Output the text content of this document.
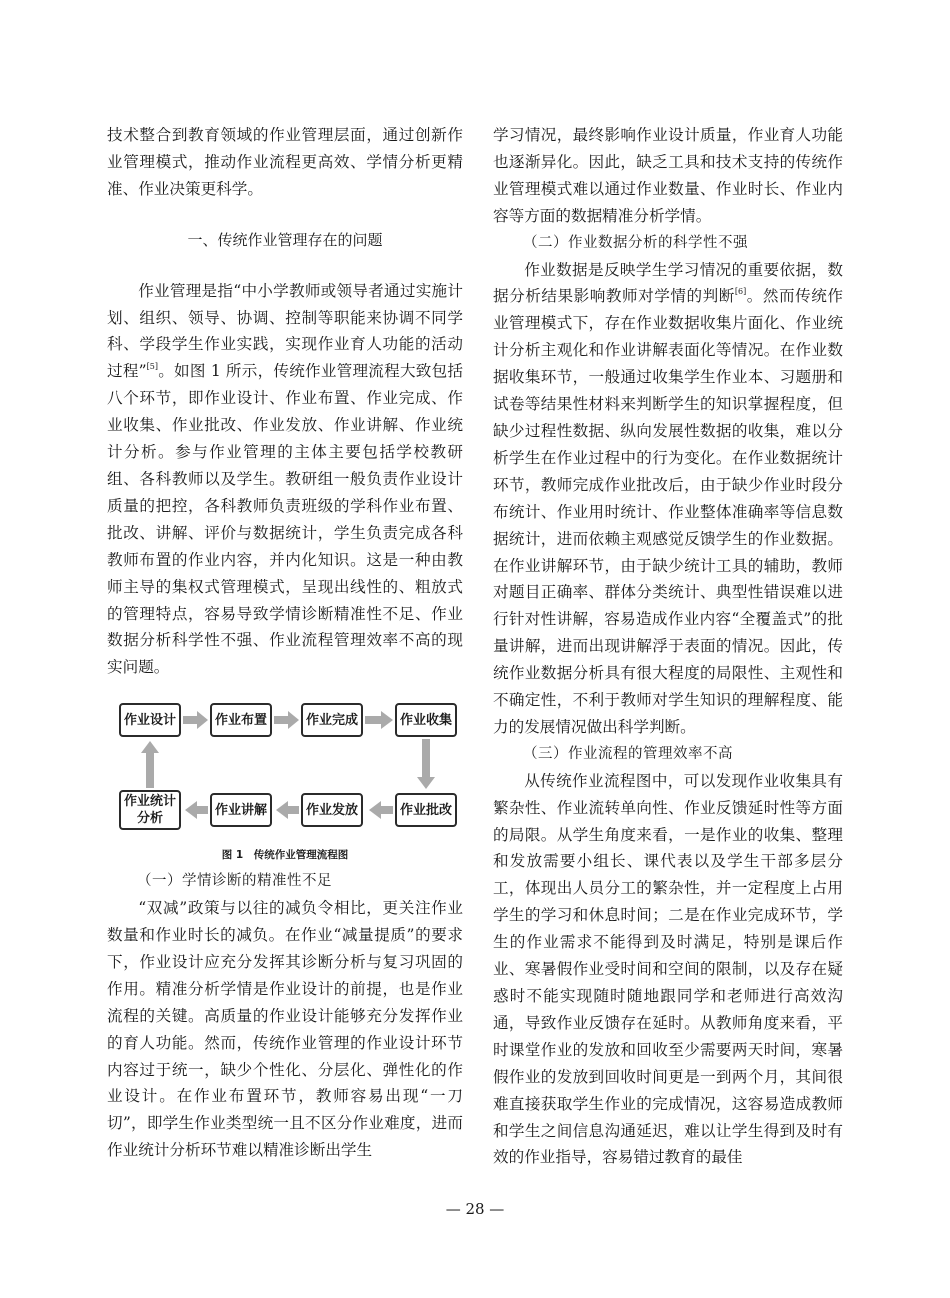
技术整合到教育领域的作业管理层面，通过创新作业管理模式，推动作业流程更高效、学情分析更精准、作业决策更科学。

一、传统作业管理存在的问题

作业管理是指“中小学教师或领导者通过实施计划、组织、领导、协调、控制等职能来协调不同学科、学段学生作业实践，实现作业育人功能的活动过程”[5]。如图 1 所示，传统作业管理流程大致包括八个环节，即作业设计、作业布置、作业完成、作业收集、作业批改、作业发放、作业讲解、作业统计分析。参与作业管理的主体主要包括学校教研组、各科教师以及学生。教研组一般负责作业设计质量的把控，各科教师负责班级的学科作业布置、批改、讲解、评价与数据统计，学生负责完成各科教师布置的作业内容，并内化知识。这是一种由教师主导的集权式管理模式，呈现出线性的、粗放式的管理特点，容易导致学情诊断精准性不足、作业数据分析科学性不强、作业流程管理效率不高的现实问题。

作业设计	作业布置	作业完成	作业收集
作业批改
作业发放
作业讲解
作业统计分析

图 1　传统作业管理流程图

（一）学情诊断的精准性不足

“双减”政策与以往的减负令相比，更关注作业数量和作业时长的减负。在作业“减量提质”的要求下，作业设计应充分发挥其诊断分析与复习巩固的作用。精准分析学情是作业设计的前提，也是作业流程的关键。高质量的作业设计能够充分发挥作业的育人功能。然而，传统作业管理的作业设计环节内容过于统一，缺少个性化、分层化、弹性化的作业设计。在作业布置环节，教师容易出现“一刀切”，即学生作业类型统一且不区分作业难度，进而作业统计分析环节难以精准诊断出学生

学习情况，最终影响作业设计质量，作业育人功能也逐渐异化。因此，缺乏工具和技术支持的传统作业管理模式难以通过作业数量、作业时长、作业内容等方面的数据精准分析学情。

（二）作业数据分析的科学性不强

作业数据是反映学生学习情况的重要依据，数据分析结果影响教师对学情的判断[6]。然而传统作业管理模式下，存在作业数据收集片面化、作业统计分析主观化和作业讲解表面化等情况。在作业数据收集环节，一般通过收集学生作业本、习题册和试卷等结果性材料来判断学生的知识掌握程度，但缺少过程性数据、纵向发展性数据的收集，难以分析学生在作业过程中的行为变化。在作业数据统计环节，教师完成作业批改后，由于缺少作业时段分布统计、作业用时统计、作业整体准确率等信息数据统计，进而依赖主观感觉反馈学生的作业数据。在作业讲解环节，由于缺少统计工具的辅助，教师对题目正确率、群体分类统计、典型性错误难以进行针对性讲解，容易造成作业内容“全覆盖式”的批量讲解，进而出现讲解浮于表面的情况。因此，传统作业数据分析具有很大程度的局限性、主观性和不确定性，不利于教师对学生知识的理解程度、能力的发展情况做出科学判断。

（三）作业流程的管理效率不高

从传统作业流程图中，可以发现作业收集具有繁杂性、作业流转单向性、作业反馈延时性等方面的局限。从学生角度来看，一是作业的收集、整理和发放需要小组长、课代表以及学生干部多层分工，体现出人员分工的繁杂性，并一定程度上占用学生的学习和休息时间；二是在作业完成环节，学生的作业需求不能得到及时满足，特别是课后作业、寒暑假作业受时间和空间的限制，以及存在疑惑时不能实现随时随地跟同学和老师进行高效沟通，导致作业反馈存在延时。从教师角度来看，平时课堂作业的发放和回收至少需要两天时间，寒暑假作业的发放到回收时间更是一到两个月，其间很难直接获取学生作业的完成情况，这容易造成教师和学生之间信息沟通延迟，难以让学生得到及时有效的作业指导，容易错过教育的最佳

— 28 —
